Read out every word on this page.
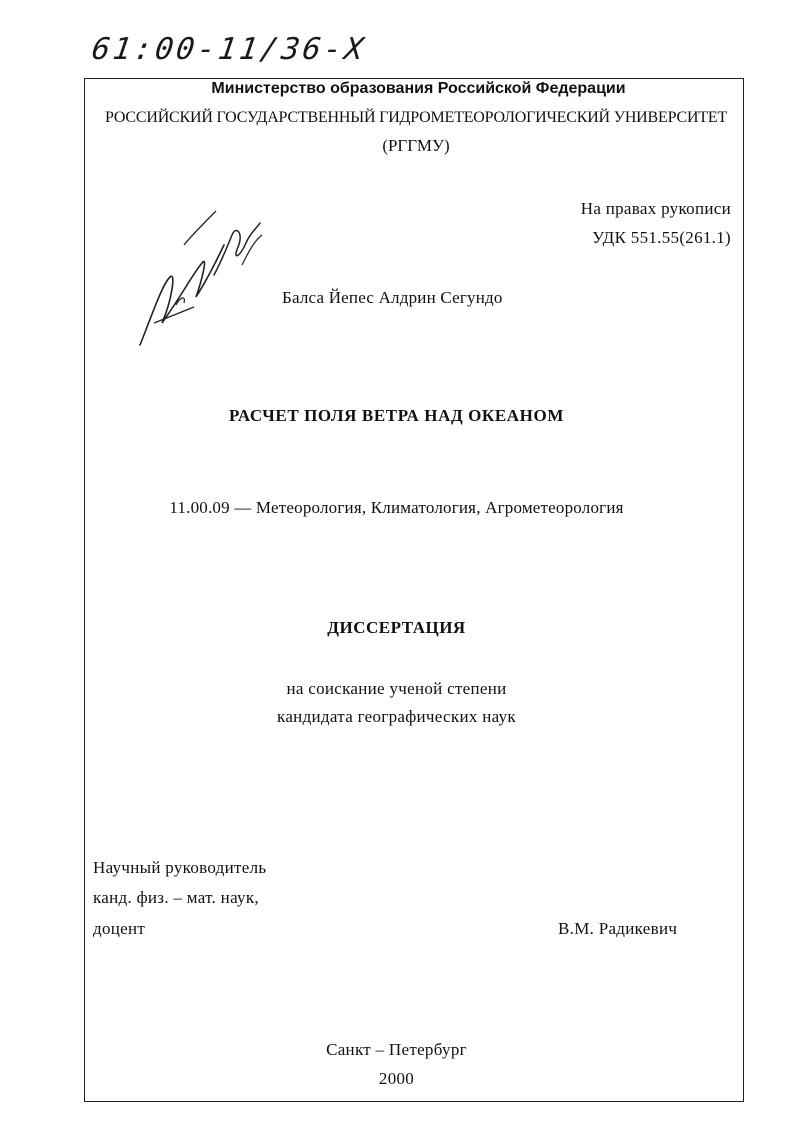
61:00-11/36-X
Министерство образования Российской Федерации
РОССИЙСКИЙ ГОСУДАРСТВЕННЫЙ ГИДРОМЕТЕОРОЛОГИЧЕСКИЙ УНИВЕРСИТЕТ
(РГГМУ)
На правах рукописи
УДК 551.55(261.1)
Балса Йепес Алдрин Сегундо
РАСЧЕТ ПОЛЯ ВЕТРА НАД ОКЕАНОМ
11.00.09 — Метеорология, Климатология, Агрометеорология
ДИССЕРТАЦИЯ
на соискание ученой степени
кандидата географических наук
Научный руководитель
канд. физ. – мат. наук,
доцент	В.М. Радикевич
Санкт – Петербург
2000
